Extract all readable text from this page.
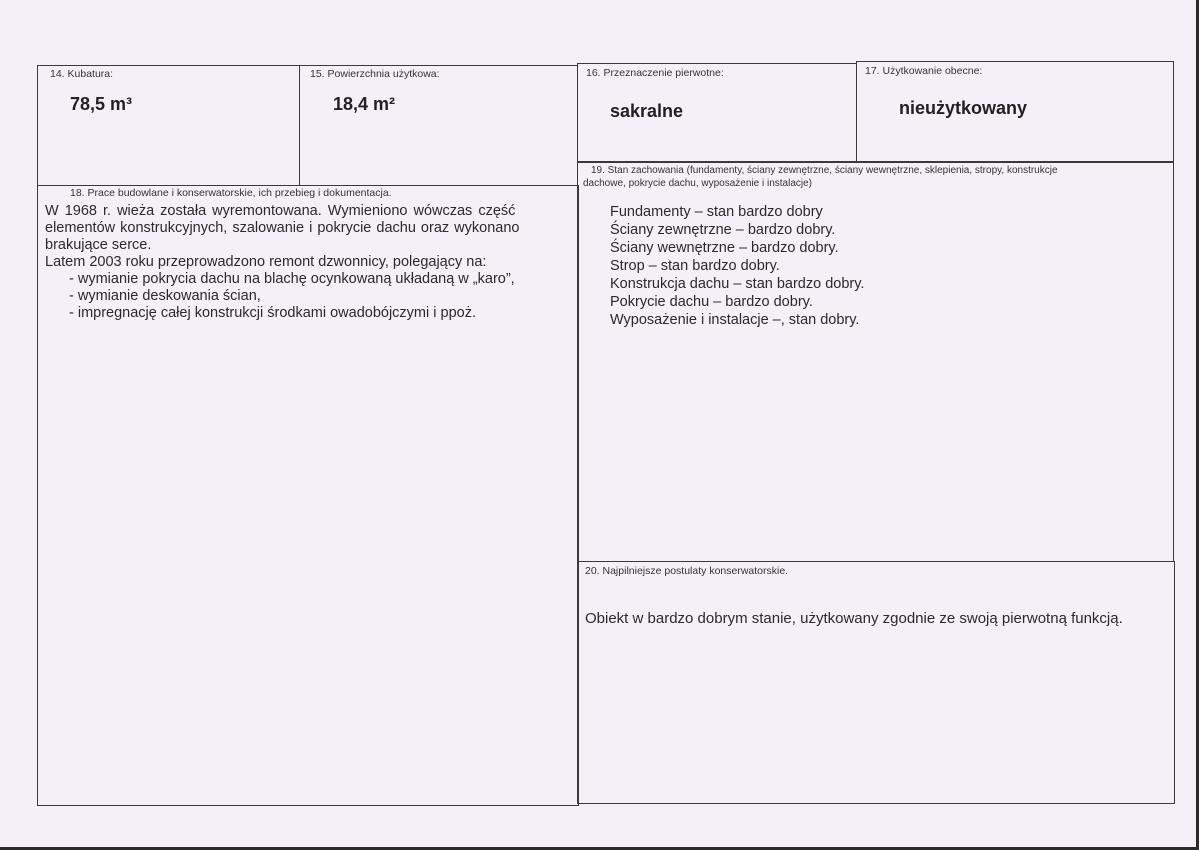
14. Kubatura:
78,5 m³
15. Powierzchnia użytkowa:
18,4 m²
16. Przeznaczenie pierwotne:
sakralne
17. Użytkowanie obecne:
nieużytkowany
18. Prace budowlane i konserwatorskie, ich przebieg i dokumentacja.
W 1968 r. wieża została wyremontowana. Wymieniono wówczas część
elementów konstrukcyjnych, szalowanie i pokrycie dachu oraz wykonano
brakujące serce.
Latem 2003 roku przeprowadzono remont dzwonnicy, polegający na:
- wymianie pokrycia dachu na blachę ocynkowaną układaną w „karo”,
- wymianie deskowania ścian,
- impregnację całej konstrukcji środkami owadobójczymi i ppoż.
19. Stan zachowania (fundamenty, ściany zewnętrzne, ściany wewnętrzne, sklepienia, stropy, konstrukcje
dachowe, pokrycie dachu, wyposażenie i instalacje)
Fundamenty – stan bardzo dobry
Ściany zewnętrzne – bardzo dobry.
Ściany wewnętrzne – bardzo dobry.
Strop – stan bardzo dobry.
Konstrukcja dachu – stan bardzo dobry.
Pokrycie dachu – bardzo dobry.
Wyposażenie i instalacje –, stan dobry.
20. Najpilniejsze postulaty konserwatorskie.
Obiekt w bardzo dobrym stanie, użytkowany zgodnie ze swoją pierwotną funkcją.
